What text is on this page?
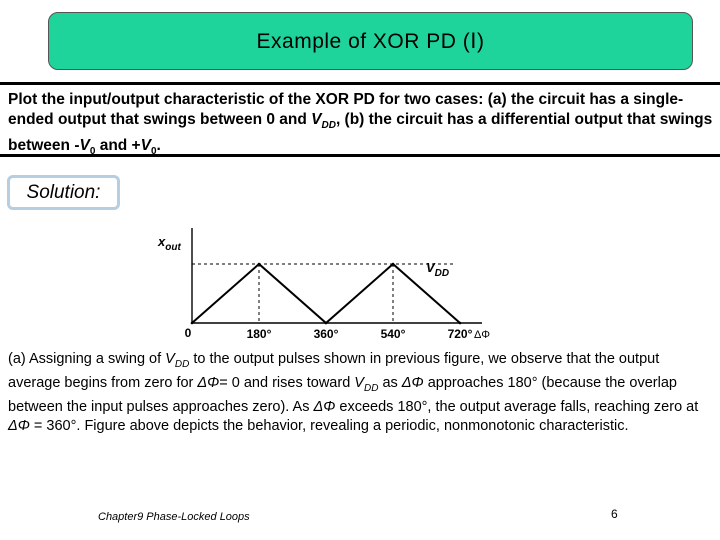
Example of XOR PD (Ⅰ)

Plot the input/output characteristic of the XOR PD for two cases: (a) the circuit has a single-ended output that swings between 0 and $V_{DD}$, (b) the circuit has a differential output that swings between $-V_0$ and $+V_0$.

Solution:
$x_{out}$
$V_{DD}$
0	180°	360°	540°	720° ΔΦ
(a) Assigning a swing of $V_{DD}$ to the output pulses shown in previous figure, we observe that the output average begins from zero for ΔΦ= 0 and rises toward $V_{DD}$ as ΔΦ approaches 180° (because the overlap between the input pulses approaches zero). As ΔΦ exceeds 180°, the output average falls, reaching zero at ΔΦ = 360°. Figure above depicts the behavior, revealing a periodic, nonmonotonic characteristic.
Chapter9 Phase-Locked Loops	6
